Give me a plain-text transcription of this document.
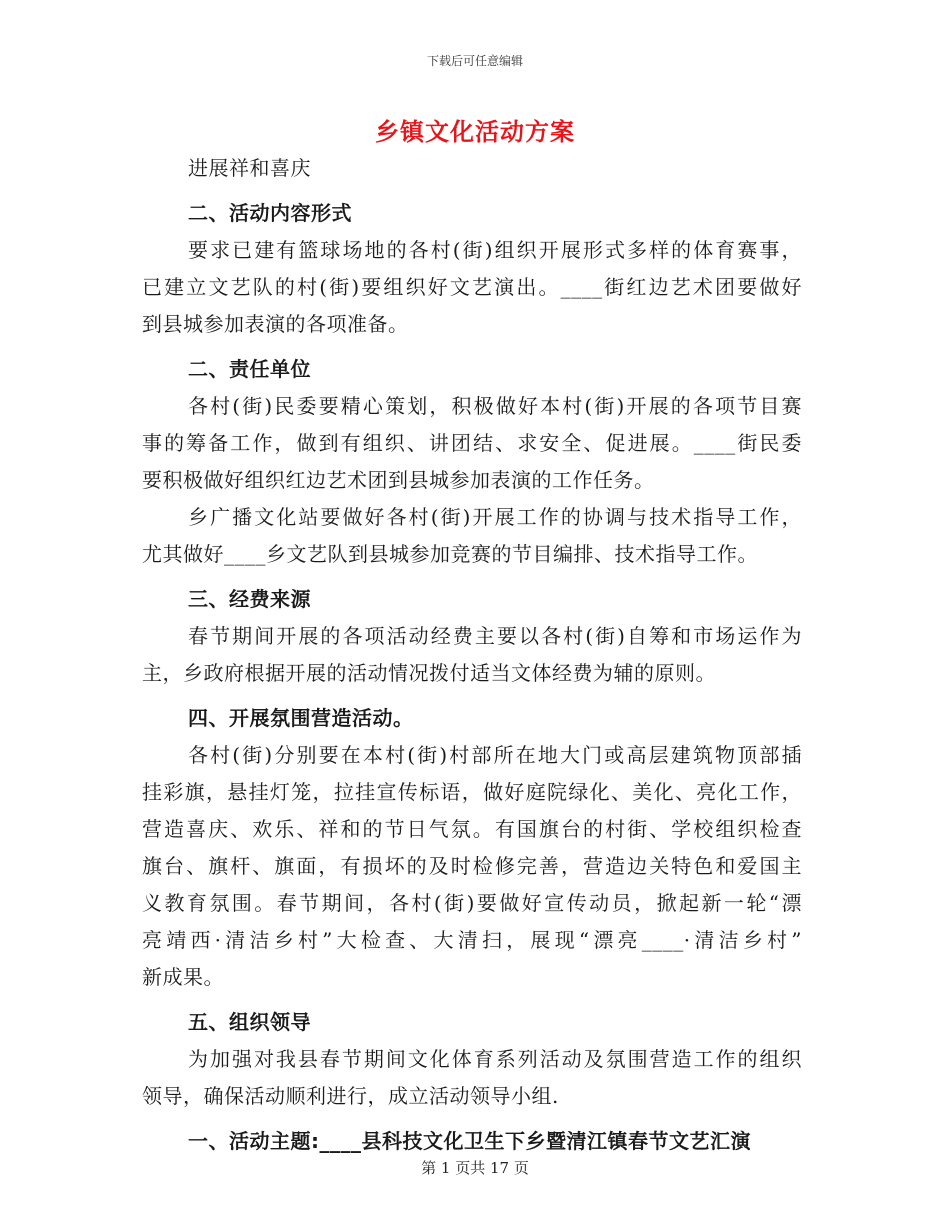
下载后可任意编辑
乡镇文化活动方案
进展祥和喜庆
二、活动内容形式
要求已建有篮球场地的各村(街)组织开展形式多样的体育赛事，
已建立文艺队的村(街)要组织好文艺演出。____街红边艺术团要做好
到县城参加表演的各项准备。
二、责任单位
各村(街)民委要精心策划，积极做好本村(街)开展的各项节目赛
事的筹备工作，做到有组织、讲团结、求安全、促进展。____街民委
要积极做好组织红边艺术团到县城参加表演的工作任务。
乡广播文化站要做好各村(街)开展工作的协调与技术指导工作，
尤其做好____乡文艺队到县城参加竞赛的节目编排、技术指导工作。
三、经费来源
春节期间开展的各项活动经费主要以各村(街)自筹和市场运作为
主，乡政府根据开展的活动情况拨付适当文体经费为辅的原则。
四、开展氛围营造活动。
各村(街)分别要在本村(街)村部所在地大门或高层建筑物顶部插
挂彩旗，悬挂灯笼，拉挂宣传标语，做好庭院绿化、美化、亮化工作，
营造喜庆、欢乐、祥和的节日气氛。有国旗台的村街、学校组织检查
旗台、旗杆、旗面，有损坏的及时检修完善，营造边关特色和爱国主
义教育氛围。春节期间，各村(街)要做好宣传动员，掀起新一轮“漂
亮靖西·清洁乡村”大检查、大清扫，展现“漂亮____·清洁乡村”
新成果。
五、组织领导
为加强对我县春节期间文化体育系列活动及氛围营造工作的组织
领导，确保活动顺利进行，成立活动领导小组.
一、活动主题:____县科技文化卫生下乡暨清江镇春节文艺汇演
第 1 页共 17 页
